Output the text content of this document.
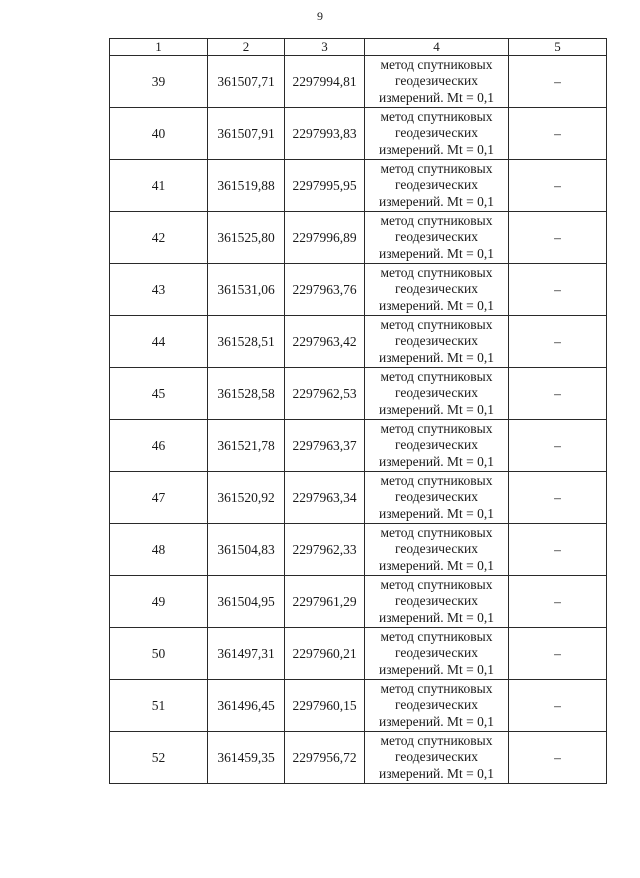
9
1	2	3	4	5
39	361507,71	2297994,81	метод спутниковых
геодезических
измерений. Mt = 0,1	–
40	361507,91	2297993,83	метод спутниковых
геодезических
измерений. Mt = 0,1	–
41	361519,88	2297995,95	метод спутниковых
геодезических
измерений. Mt = 0,1	–
42	361525,80	2297996,89	метод спутниковых
геодезических
измерений. Mt = 0,1	–
43	361531,06	2297963,76	метод спутниковых
геодезических
измерений. Mt = 0,1	–
44	361528,51	2297963,42	метод спутниковых
геодезических
измерений. Mt = 0,1	–
45	361528,58	2297962,53	метод спутниковых
геодезических
измерений. Mt = 0,1	–
46	361521,78	2297963,37	метод спутниковых
геодезических
измерений. Mt = 0,1	–
47	361520,92	2297963,34	метод спутниковых
геодезических
измерений. Mt = 0,1	–
48	361504,83	2297962,33	метод спутниковых
геодезических
измерений. Mt = 0,1	–
49	361504,95	2297961,29	метод спутниковых
геодезических
измерений. Mt = 0,1	–
50	361497,31	2297960,21	метод спутниковых
геодезических
измерений. Mt = 0,1	–
51	361496,45	2297960,15	метод спутниковых
геодезических
измерений. Mt = 0,1	–
52	361459,35	2297956,72	метод спутниковых
геодезических
измерений. Mt = 0,1	–
